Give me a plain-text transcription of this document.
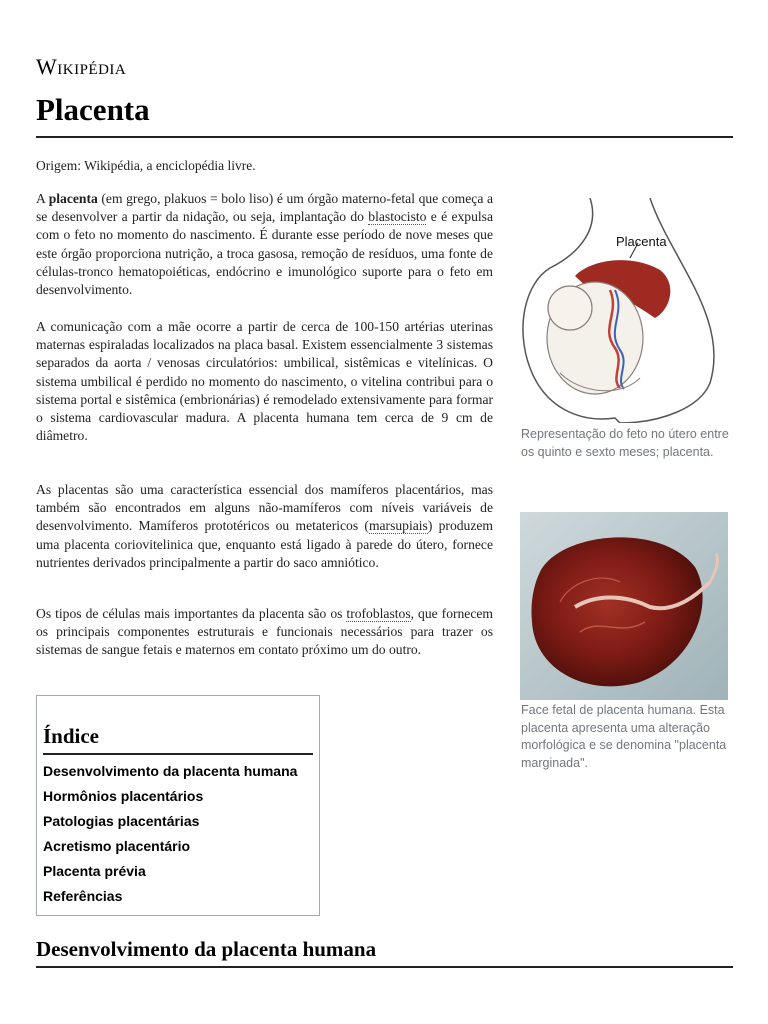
Wikipédia
Placenta
Origem: Wikipédia, a enciclopédia livre.

A placenta (em grego, plakuos = bolo liso) é um órgão materno-fetal que começa a se desenvolver a partir da nidação, ou seja, implantação do blastocisto e é expulsa com o feto no momento do nascimento. É durante esse período de nove meses que este órgão proporciona nutrição, a troca gasosa, remoção de resíduos, uma fonte de células-tronco hematopoiéticas, endócrino e imunológico suporte para o feto em desenvolvimento.

A comunicação com a mãe ocorre a partir de cerca de 100-150 artérias uterinas maternas espiraladas localizados na placa basal. Existem essencialmente 3 sistemas separados da aorta / venosas circulatórios: umbilical, sistêmicas e vitelínicas. O sistema umbilical é perdido no momento do nascimento, o vitelina contribui para o sistema portal e sistêmica (embrionárias) é remodelado extensivamente para formar o sistema cardiovascular madura. A placenta humana tem cerca de 9 cm de diâmetro.

As placentas são uma característica essencial dos mamíferos placentários, mas também são encontrados em alguns não-mamíferos com níveis variáveis de desenvolvimento. Mamíferos prototéricos ou metatericos (marsupiais) produzem uma placenta coriovitelinica que, enquanto está ligado à parede do útero, fornece nutrientes derivados principalmente a partir do saco amniótico.

Os tipos de células mais importantes da placenta são os trofoblastos, que fornecem os principais componentes estruturais e funcionais necessários para trazer os sistemas de sangue fetais e maternos em contato próximo um do outro.

Índice
Desenvolvimento da placenta humana
Hormônios placentários
Patologias placentárias
Acretismo placentário
Placenta prévia
Referências
Desenvolvimento da placenta humana
Placenta
Representação do feto no útero entre os quinto e sexto meses; placenta.
Face fetal de placenta humana. Esta placenta apresenta uma alteração morfológica e se denomina "placenta marginada".
